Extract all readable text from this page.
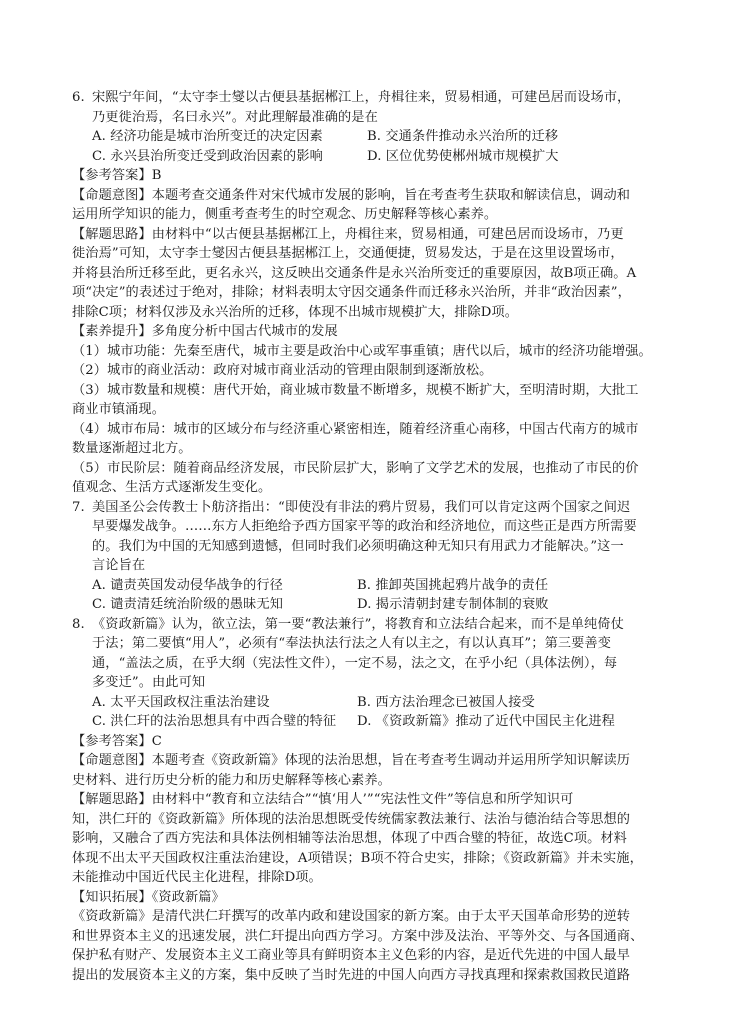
6. 宋熙宁年间，“太守李士燮以古便县基据郴江上，舟楫往来，贸易相通，可建邑居而设场市，
乃更徙治焉，名曰永兴”。对此理解最准确的是在
A. 经济功能是城市治所变迁的决定因素	B. 交通条件推动永兴治所的迁移
C. 永兴县治所变迁受到政治因素的影响	D. 区位优势使郴州城市规模扩大
【参考答案】B
【命题意图】本题考查交通条件对宋代城市发展的影响，旨在考查考生获取和解读信息，调动和
运用所学知识的能力，侧重考查考生的时空观念、历史解释等核心素养。
【解题思路】由材料中“以古便县基据郴江上，舟楫往来，贸易相通，可建邑居而设场市，乃更
徙治焉”可知，太守李士燮因古便县基据郴江上，交通便捷，贸易发达，于是在这里设置场市，
并将县治所迁移至此，更名永兴，这反映出交通条件是永兴治所变迁的重要原因，故B项正确。A
项“决定”的表述过于绝对，排除；材料表明太守因交通条件而迁移永兴治所，并非“政治因素”，
排除C项；材料仅涉及永兴治所的迁移，体现不出城市规模扩大，排除D项。
【素养提升】多角度分析中国古代城市的发展
（1）城市功能：先秦至唐代，城市主要是政治中心或军事重镇；唐代以后，城市的经济功能增强。
（2）城市的商业活动：政府对城市商业活动的管理由限制到逐渐放松。
（3）城市数量和规模：唐代开始，商业城市数量不断增多，规模不断扩大，至明清时期，大批工
商业市镇涌现。
（4）城市布局：城市的区域分布与经济重心紧密相连，随着经济重心南移，中国古代南方的城市
数量逐渐超过北方。
（5）市民阶层：随着商品经济发展，市民阶层扩大，影响了文学艺术的发展，也推动了市民的价
值观念、生活方式逐渐发生变化。
7. 美国圣公会传教士卜舫济指出：“即使没有非法的鸦片贸易，我们可以肯定这两个国家之间迟
早要爆发战争。……东方人拒绝给予西方国家平等的政治和经济地位，而这些正是西方所需要
的。我们为中国的无知感到遗憾，但同时我们必须明确这种无知只有用武力才能解决。”这一
言论旨在
A. 谴责英国发动侵华战争的行径	B. 推卸英国挑起鸦片战争的责任
C. 谴责清廷统治阶级的愚昧无知	D. 揭示清朝封建专制体制的衰败
8. 《资政新篇》认为，欲立法，第一要“教法兼行”，将教育和立法结合起来，而不是单纯倚仗
于法；第二要慎“用人”，必须有“奉法执法行法之人有以主之，有以认真耳”；第三要善变
通，“盖法之质，在乎大纲（宪法性文件），一定不易，法之文，在乎小纪（具体法例），每
多变迁”。由此可知
A. 太平天国政权注重法治建设	B. 西方法治理念已被国人接受
C. 洪仁玕的法治思想具有中西合璧的特征	D. 《资政新篇》推动了近代中国民主化进程
【参考答案】C
【命题意图】本题考查《资政新篇》体现的法治思想，旨在考查考生调动并运用所学知识解读历
史材料、进行历史分析的能力和历史解释等核心素养。
【解题思路】由材料中“教育和立法结合”“慎‘用人’”“宪法性文件”等信息和所学知识可
知，洪仁玕的《资政新篇》所体现的法治思想既受传统儒家教法兼行、法治与德治结合等思想的
影响，又融合了西方宪法和具体法例相辅等法治思想，体现了中西合璧的特征，故选C项。材料
体现不出太平天国政权注重法治建设，A项错误；B项不符合史实，排除；《资政新篇》并未实施，
未能推动中国近代民主化进程，排除D项。
【知识拓展】《资政新篇》
《资政新篇》是清代洪仁玕撰写的改革内政和建设国家的新方案。由于太平天国革命形势的逆转
和世界资本主义的迅速发展，洪仁玕提出向西方学习。方案中涉及法治、平等外交、与各国通商、
保护私有财产、发展资本主义工商业等具有鲜明资本主义色彩的内容，是近代先进的中国人最早
提出的发展资本主义的方案，集中反映了当时先进的中国人向西方寻找真理和探索救国救民道路
